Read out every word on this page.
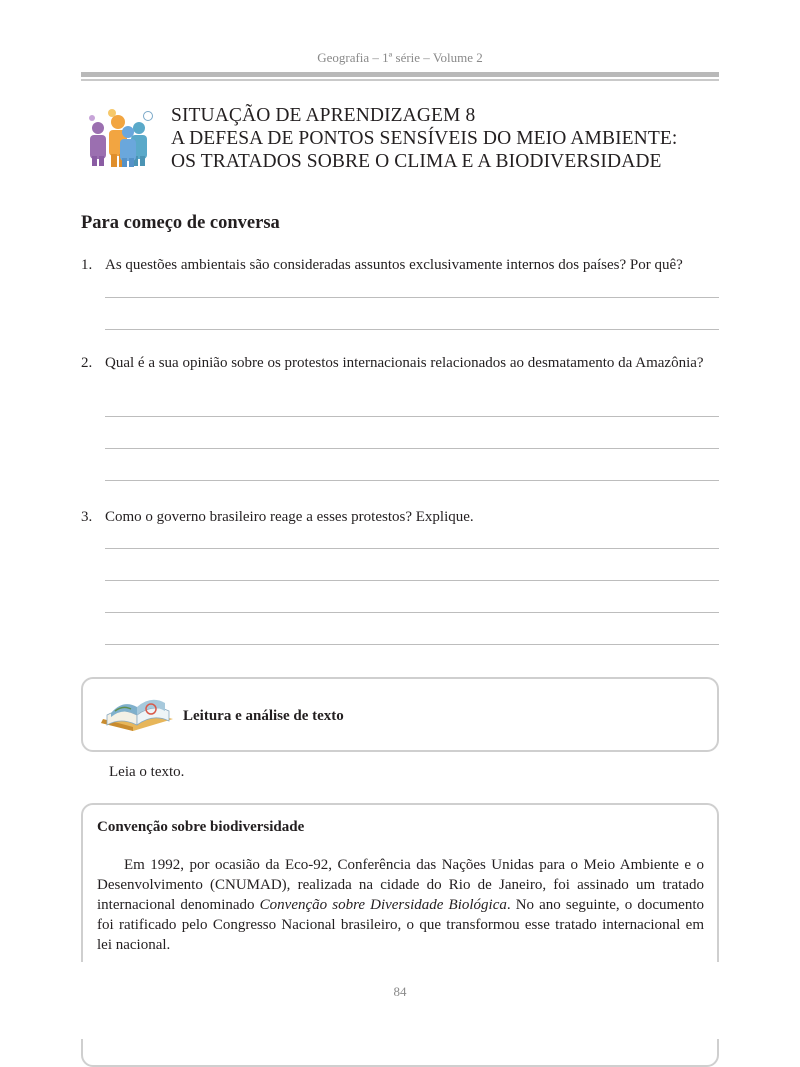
Geografia – 1ª série – Volume 2
SITUAÇÃO DE APRENDIZAGEM 8
A DEFESA DE PONTOS SENSÍVEIS DO MEIO AMBIENTE:
OS TRATADOS SOBRE O CLIMA E A BIODIVERSIDADE
Para começo de conversa
1. As questões ambientais são consideradas assuntos exclusivamente internos dos países? Por quê?
2. Qual é a sua opinião sobre os protestos internacionais relacionados ao desmatamento da Amazônia?
3. Como o governo brasileiro reage a esses protestos? Explique.
Leitura e análise de texto
Leia o texto.
Convenção sobre biodiversidade
Em 1992, por ocasião da Eco-92, Conferência das Nações Unidas para o Meio Ambiente e o Desenvolvimento (CNUMAD), realizada na cidade do Rio de Janeiro, foi assinado um tratado internacional denominado Convenção sobre Diversidade Biológica. No ano seguinte, o documento foi ratificado pelo Congresso Nacional brasileiro, o que transformou esse tratado internacional em lei nacional.
84
